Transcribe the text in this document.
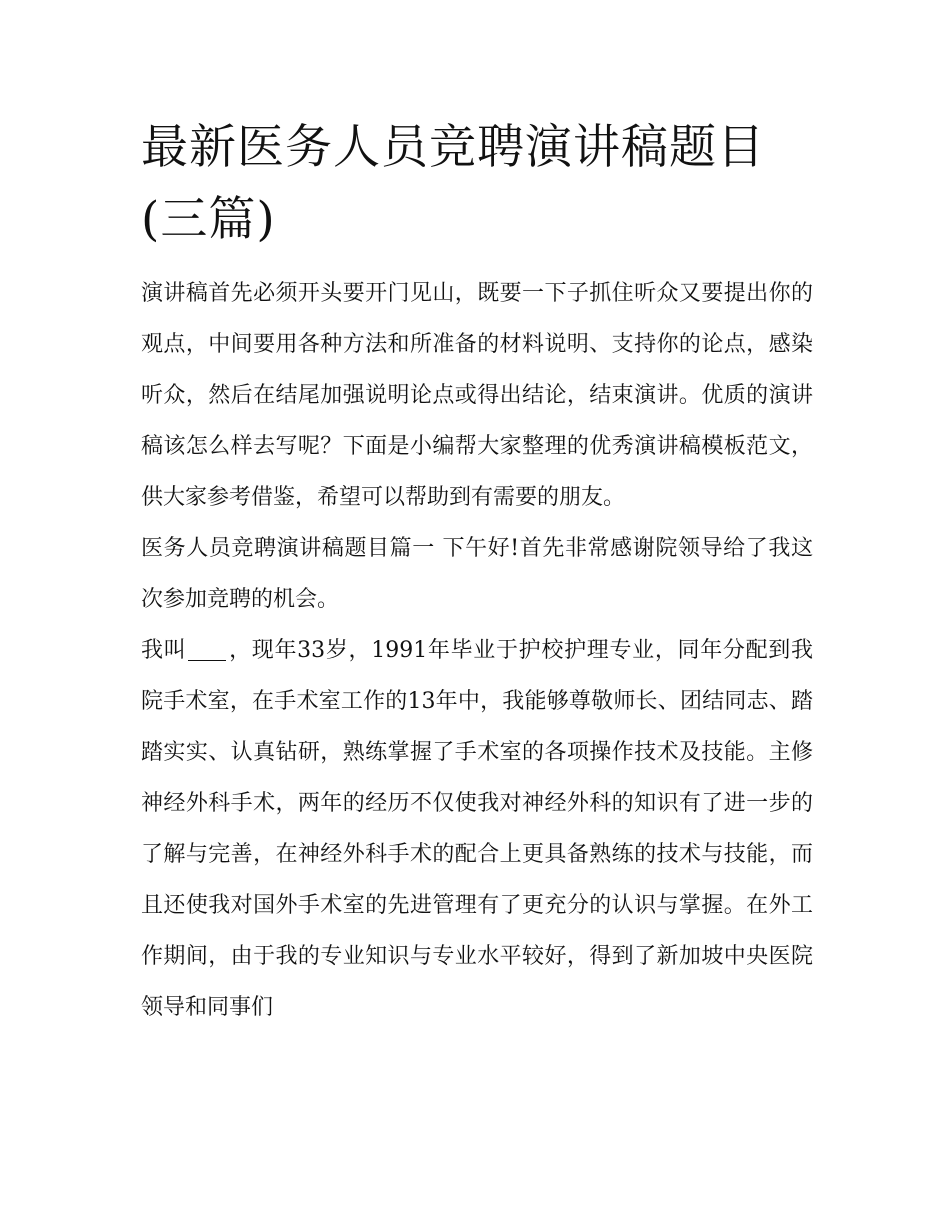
最新医务人员竞聘演讲稿题目(三篇)

演讲稿首先必须开头要开门见山，既要一下子抓住听众又要提出你的观点，中间要用各种方法和所准备的材料说明、支持你的论点，感染听众，然后在结尾加强说明论点或得出结论，结束演讲。优质的演讲稿该怎么样去写呢？下面是小编帮大家整理的优秀演讲稿模板范文，供大家参考借鉴，希望可以帮助到有需要的朋友。

医务人员竞聘演讲稿题目篇一 下午好!首先非常感谢院领导给了我这次参加竞聘的机会。

我叫 ，现年33岁，1991年毕业于护校护理专业，同年分配到我院手术室，在手术室工作的13年中，我能够尊敬师长、团结同志、踏踏实实、认真钻研，熟练掌握了手术室的各项操作技术及技能。主修神经外科手术，两年的经历不仅使我对神经外科的知识有了进一步的了解与完善，在神经外科手术的配合上更具备熟练的技术与技能，而且还使我对国外手术室的先进管理有了更充分的认识与掌握。在外工作期间，由于我的专业知识与专业水平较好，得到了新加坡中央医院领导和同事们
